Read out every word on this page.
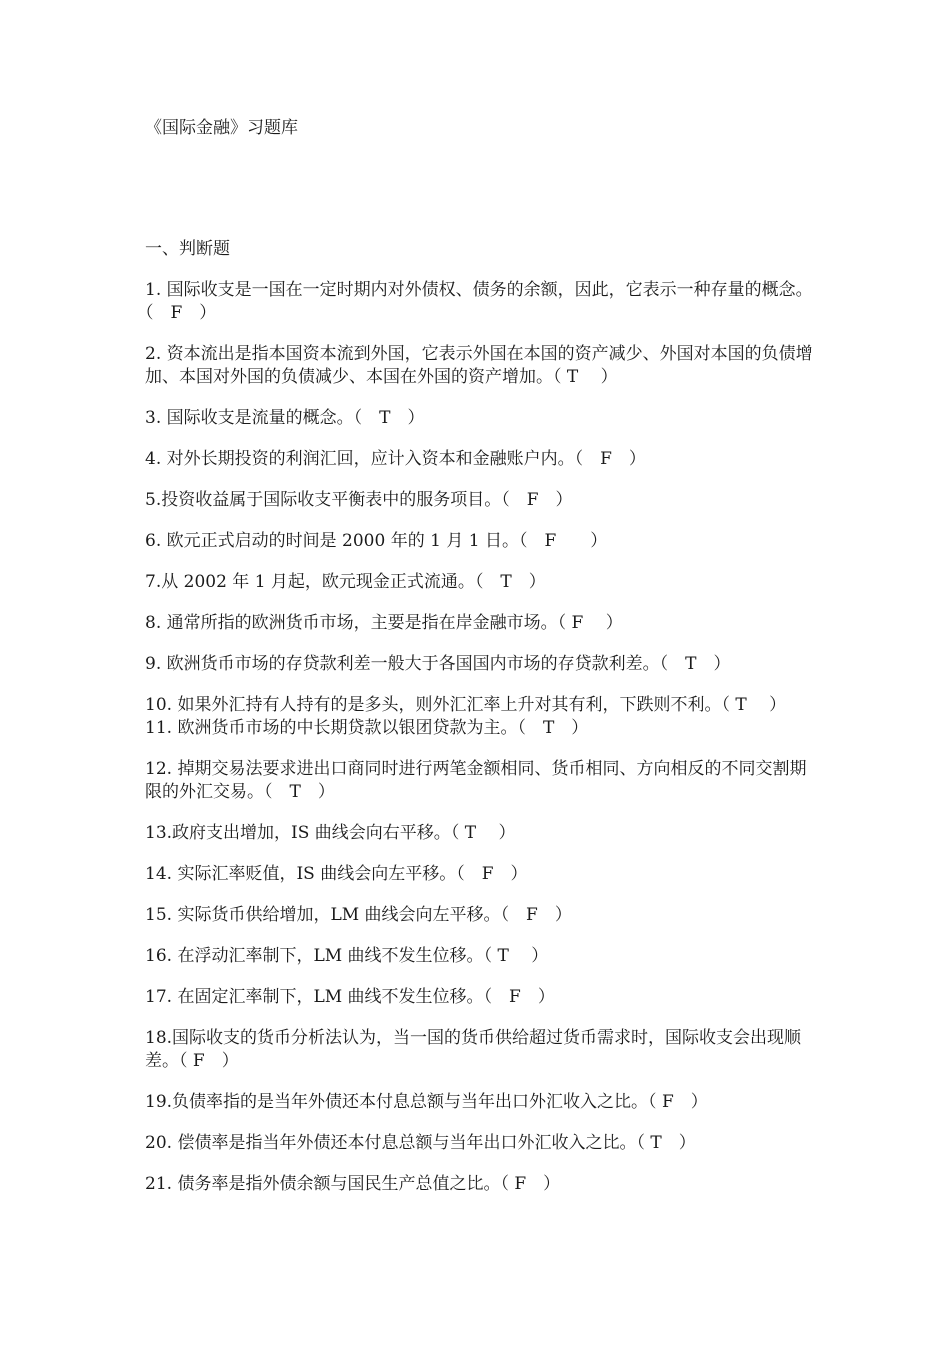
《国际金融》习题库
一、判断题
1. 国际收支是一国在一定时期内对外债权、债务的余额，因此，它表示一种存量的概念。（　F　）
2. 资本流出是指本国资本流到外国，它表示外国在本国的资产减少、外国对本国的负债增加、本国对外国的负债减少、本国在外国的资产增加。（ T　 ）
3. 国际收支是流量的概念。（　T　）
4. 对外长期投资的利润汇回，应计入资本和金融账户内。（　F　）
5.投资收益属于国际收支平衡表中的服务项目。（　F　）
6. 欧元正式启动的时间是 2000 年的 1 月 1 日。（　F　　）
7.从 2002 年 1 月起，欧元现金正式流通。（　T　）
8. 通常所指的欧洲货币市场，主要是指在岸金融市场。（ F　 ）
9. 欧洲货币市场的存贷款利差一般大于各国国内市场的存贷款利差。（　T　）
10. 如果外汇持有人持有的是多头，则外汇汇率上升对其有利，下跌则不利。（ T　 ）
11. 欧洲货币市场的中长期贷款以银团贷款为主。（　T　）
12. 掉期交易法要求进出口商同时进行两笔金额相同、货币相同、方向相反的不同交割期限的外汇交易。（　T　）
13.政府支出增加，IS 曲线会向右平移。（ T　 ）
14. 实际汇率贬值，IS 曲线会向左平移。（　F　）
15. 实际货币供给增加，LM 曲线会向左平移。（　F　）
16. 在浮动汇率制下，LM 曲线不发生位移。（ T　 ）
17. 在固定汇率制下，LM 曲线不发生位移。（　F　）
18.国际收支的货币分析法认为，当一国的货币供给超过货币需求时，国际收支会出现顺差。（ F　）
19.负债率指的是当年外债还本付息总额与当年出口外汇收入之比。（ F　）
20. 偿债率是指当年外债还本付息总额与当年出口外汇收入之比。（ T　）
21. 债务率是指外债余额与国民生产总值之比。（ F　）
